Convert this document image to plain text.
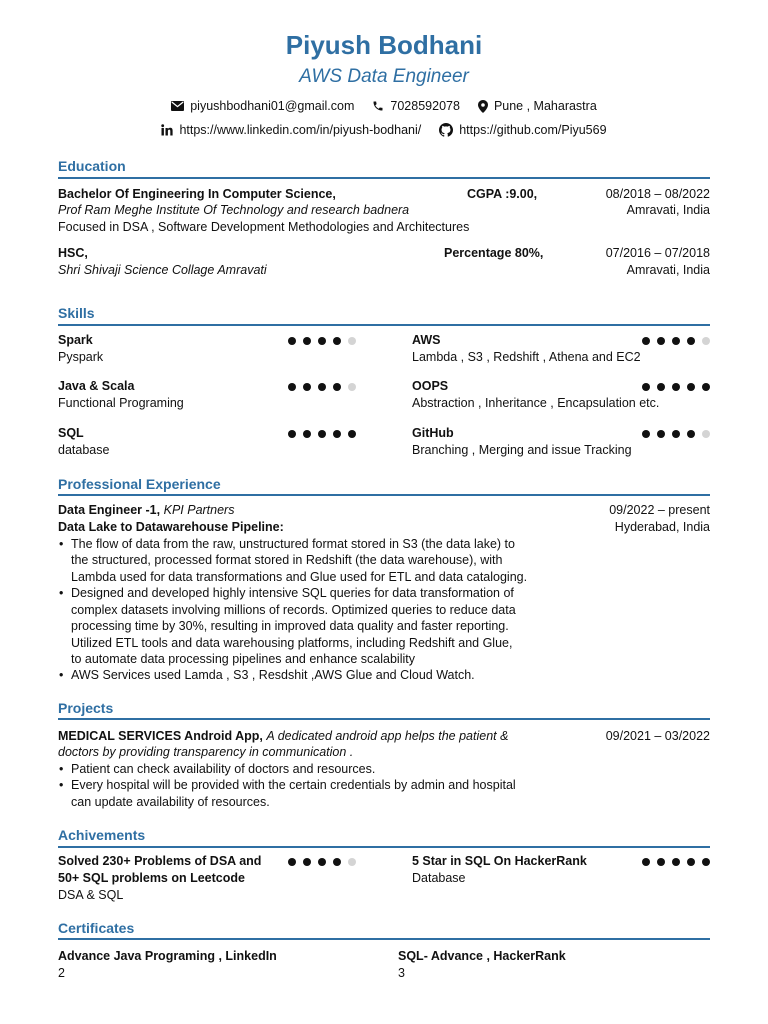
Piyush Bodhani
AWS Data Engineer
piyushbodhani01@gmail.com	7028592078	Pune , Maharastra
https://www.linkedin.com/in/piyush-bodhani/	https://github.com/Piyu569
Education
Bachelor Of Engineering In Computer Science,	CGPA :9.00,	08/2018 – 08/2022
Prof Ram Meghe Institute Of Technology and research badnera	Amravati, India
Focused in DSA , Software Development Methodologies and Architectures
HSC,	Percentage 80%,	07/2016 – 07/2018
Shri Shivaji Science Collage Amravati	Amravati, India
Skills
Spark
Pyspark
AWS
Lambda , S3 , Redshift , Athena and EC2
Java & Scala
Functional Programing
OOPS
Abstraction , Inheritance , Encapsulation etc.
SQL
database
GitHub
Branching , Merging and issue Tracking
Professional Experience
Data Engineer -1, KPI Partners	09/2022 – present
Data Lake to Datawarehouse Pipeline:	Hyderabad, India
• The flow of data from the raw, unstructured format stored in S3 (the data lake) to
the structured, processed format stored in Redshift (the data warehouse), with
Lambda used for data transformations and Glue used for ETL and data cataloging.
• Designed and developed highly intensive SQL queries for data transformation of
complex datasets involving millions of records. Optimized queries to reduce data
processing time by 30%, resulting in improved data quality and faster reporting.
Utilized ETL tools and data warehousing platforms, including Redshift and Glue,
to automate data processing pipelines and enhance scalability
• AWS Services used Lamda , S3 , Resdshit ,AWS Glue and Cloud Watch.
Projects
MEDICAL SERVICES Android App, A dedicated android app helps the patient &
doctors by providing transparency in communication .
09/2021 – 03/2022
• Patient can check availability of doctors and resources.
• Every hospital will be provided with the certain credentials by admin and hospital
can update availability of resources.
Achivements
Solved 230+ Problems of DSA and
50+ SQL problems on Leetcode
DSA & SQL
5 Star in SQL On HackerRank
Database
Certificates
Advance Java Programing , LinkedIn
2
SQL- Advance , HackerRank
3
